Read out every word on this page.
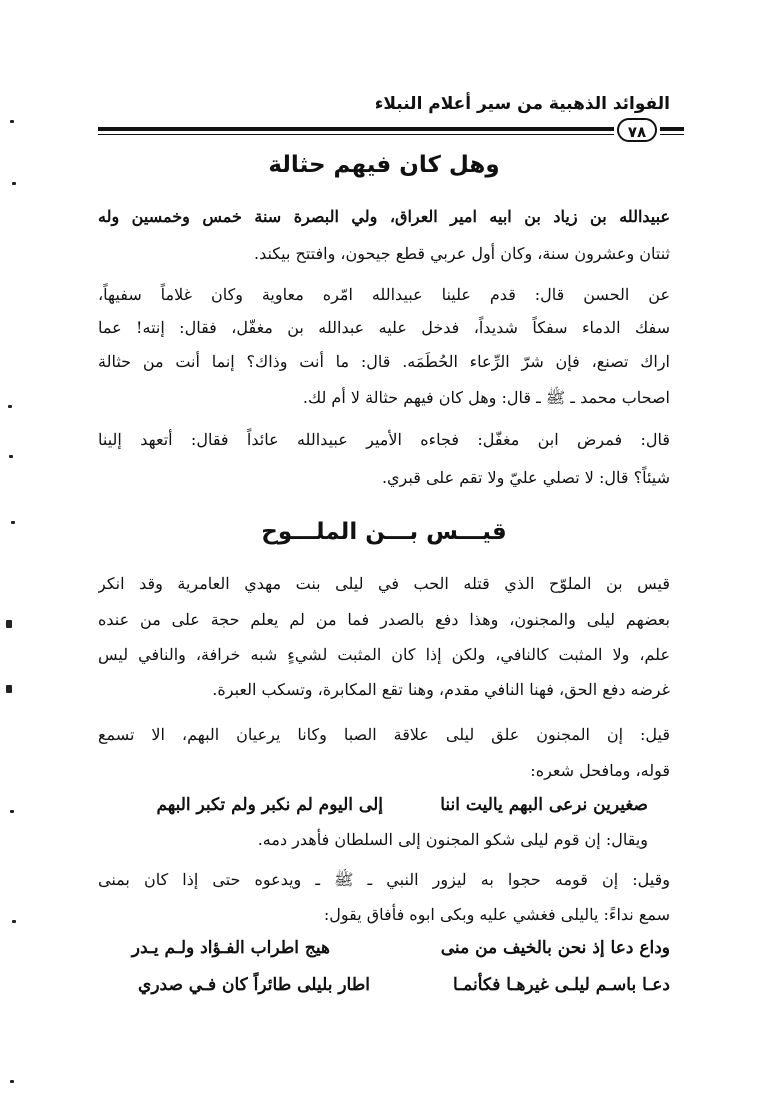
الفوائد الذهبية من سير أعلام النبلاء
٧٨
وهل كان فيهم حثالة
عبيدالله بن زياد بن ابيه امير العراق، ولي البصرة سنة خمس وخمسين وله
ثنتان وعشرون سنة، وكان أول عربي قطع جيحون، وافتتح بيكند.
عن الحسن قال: قدم علينا عبيدالله امّره معاوية وكان غلاماً سفيهاً،
سفك الدماء سفكاً شديداً، فدخل عليه عبدالله بن مغفّل، فقال: إنته! عما
اراك تصنع، فإن شرّ الرِّعاء الحُطَمَه. قال: ما أنت وذاك؟ إنما أنت من حثالة
اصحاب محمد ـ ﷺ ـ قال: وهل كان فيهم حثالة لا أم لك.
قال: فمرض ابن مغفّل: فجاءه الأمير عبيدالله عائداً فقال: أتعهد إلينا
شيئاً؟ قال: لا تصلي عليّ ولا تقم على قبري.
قيـــس بـــن الملـــوح
قيس بن الملوّح الذي قتله الحب في ليلى بنت مهدي العامرية وقد انكر
بعضهم ليلى والمجنون، وهذا دفع بالصدر فما من لم يعلم حجة على من عنده
علم، ولا المثبت كالنافي، ولكن إذا كان المثبت لشيءٍ شبه خرافة، والنافي ليس
غرضه دفع الحق، فهنا النافي مقدم، وهنا تقع المكابرة، وتسكب العبرة.
قيل: إن المجنون علق ليلى علاقة الصبا وكانا يرعيان البهم، الا تسمع
قوله، ومافحل شعره:
صغيرين نرعى البهم ياليت اننا
إلى اليوم لم نكبر ولم تكبر البهم
ويقال: إن قوم ليلى شكو المجنون إلى السلطان فأهدر دمه.
وقيل: إن قومه حجوا به ليزور النبي ـ ﷺ ـ ويدعوه حتى إذا كان بمنى
سمع نداءً: ياليلى فغشي عليه وبكى ابوه فأفاق يقول:
وداع دعا إذ نحن بالخيف من منى
هيج اطراب الفـؤاد ولـم يـدر
دعـا باسـم ليلـى غيرهـا فكأنمـا
اطار بليلى طائراً كان فـي صدري
